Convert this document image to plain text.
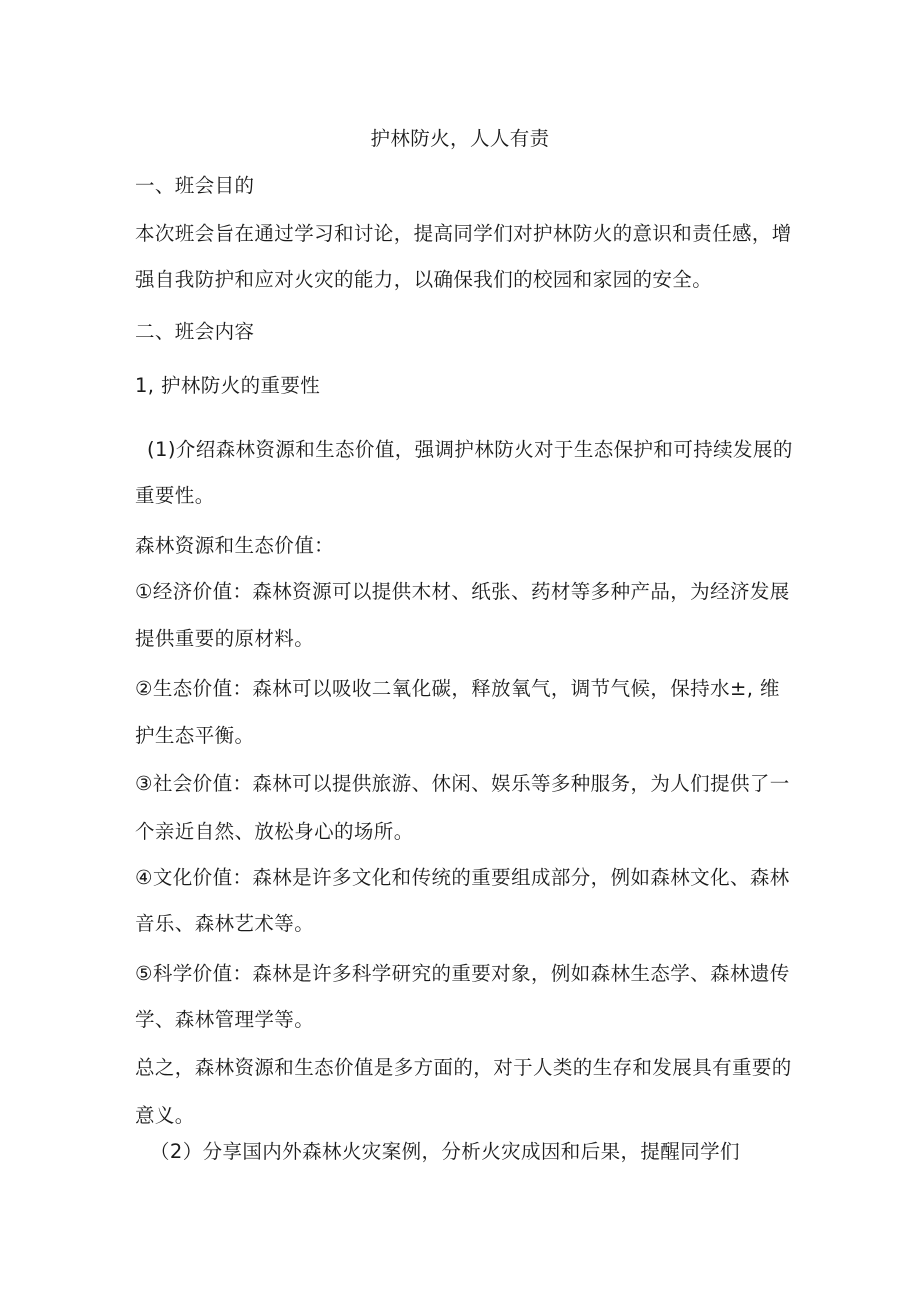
护林防火，人人有责
一、班会目的
本次班会旨在通过学习和讨论，提高同学们对护林防火的意识和责任感，增
强自我防护和应对火灾的能力，以确保我们的校园和家园的安全。
二、班会内容
1, 护林防火的重要性
(1)介绍森林资源和生态价值，强调护林防火对于生态保护和可持续发展的
重要性。
森林资源和生态价值：
①经济价值：森林资源可以提供木材、纸张、药材等多种产品，为经济发展
提供重要的原材料。
②生态价值：森林可以吸收二氧化碳，释放氧气，调节气候，保持水±, 维
护生态平衡。
③社会价值：森林可以提供旅游、休闲、娱乐等多种服务，为人们提供了一
个亲近自然、放松身心的场所。
④文化价值：森林是许多文化和传统的重要组成部分，例如森林文化、森林
音乐、森林艺术等。
⑤科学价值：森林是许多科学研究的重要对象，例如森林生态学、森林遗传
学、森林管理学等。
总之，森林资源和生态价值是多方面的，对于人类的生存和发展具有重要的
意义。
（2）分享国内外森林火灾案例，分析火灾成因和后果，提醒同学们
